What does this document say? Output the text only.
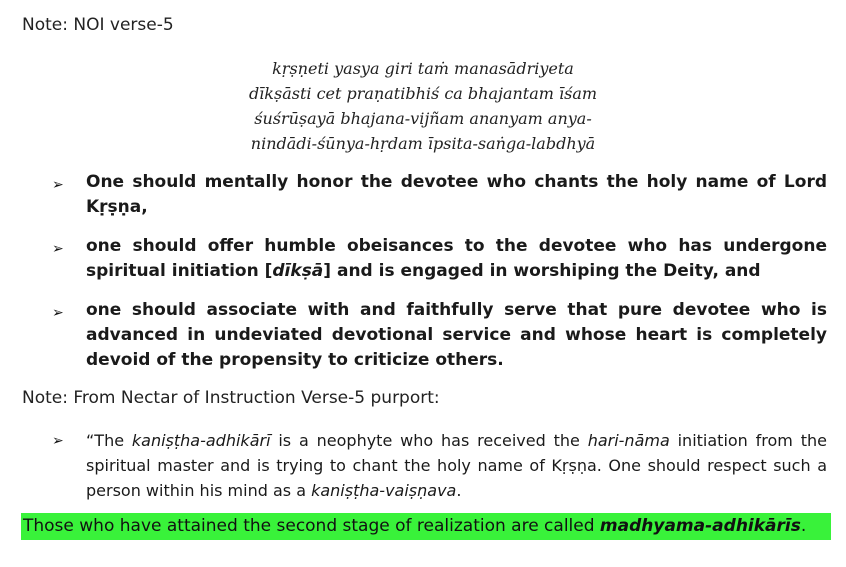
Note: NOI verse-5
kṛṣṇeti yasya giri taṁ manasādriyeta
dīkṣāsti cet praṇatibhiś ca bhajantam īśam
śuśrūṣayā bhajana-vijñam ananyam anya-
nindādi-śūnya-hṛdam īpsita-saṅga-labdhyā
➢ One should mentally honor the devotee who chants the holy name of Lord Kṛṣṇa,
➢ one should offer humble obeisances to the devotee who has undergone spiritual initiation [dīkṣā] and is engaged in worshiping the Deity, and
➢ one should associate with and faithfully serve that pure devotee who is advanced in undeviated devotional service and whose heart is completely devoid of the propensity to criticize others.
Note: From Nectar of Instruction Verse-5 purport:
➢ “The kaniṣṭha-adhikārī is a neophyte who has received the hari-nāma initiation from the spiritual master and is trying to chant the holy name of Kṛṣṇa. One should respect such a person within his mind as a kaniṣṭha-vaiṣṇava.
Those who have attained the second stage of realization are called madhyama-adhikārīs.
